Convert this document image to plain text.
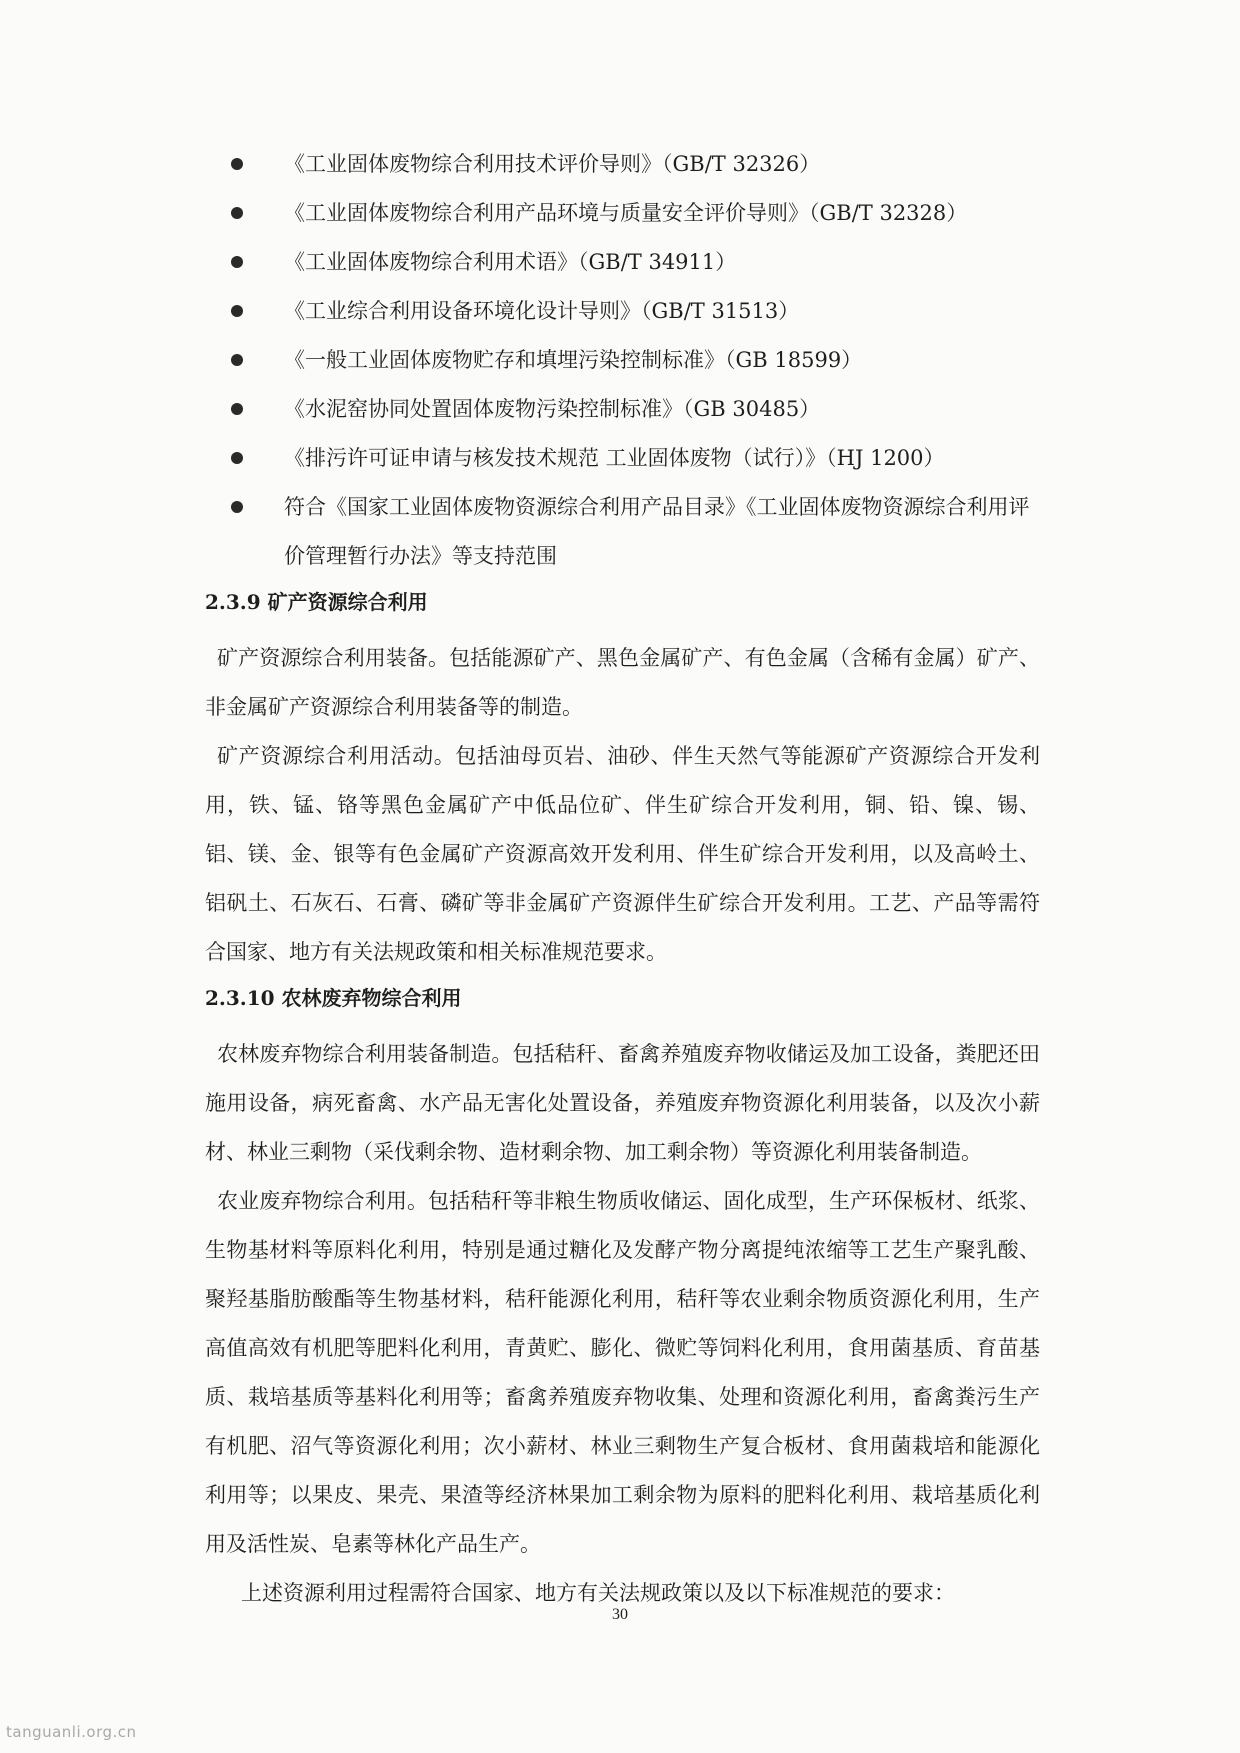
《工业固体废物综合利用技术评价导则》（GB/T 32326）
《工业固体废物综合利用产品环境与质量安全评价导则》（GB/T 32328）
《工业固体废物综合利用术语》（GB/T 34911）
《工业综合利用设备环境化设计导则》（GB/T 31513）
《一般工业固体废物贮存和填埋污染控制标准》（GB 18599）
《水泥窑协同处置固体废物污染控制标准》（GB 30485）
《排污许可证申请与核发技术规范 工业固体废物（试行）》（HJ 1200）
符合《国家工业固体废物资源综合利用产品目录》《工业固体废物资源综合利用评价管理暂行办法》等支持范围
2.3.9 矿产资源综合利用

矿产资源综合利用装备。包括能源矿产、黑色金属矿产、有色金属（含稀有金属）矿产、非金属矿产资源综合利用装备等的制造。

矿产资源综合利用活动。包括油母页岩、油砂、伴生天然气等能源矿产资源综合开发利用，铁、锰、铬等黑色金属矿产中低品位矿、伴生矿综合开发利用，铜、铅、镍、锡、铝、镁、金、银等有色金属矿产资源高效开发利用、伴生矿综合开发利用，以及高岭土、铝矾土、石灰石、石膏、磷矿等非金属矿产资源伴生矿综合开发利用。工艺、产品等需符合国家、地方有关法规政策和相关标准规范要求。

2.3.10 农林废弃物综合利用

农林废弃物综合利用装备制造。包括秸秆、畜禽养殖废弃物收储运及加工设备，粪肥还田施用设备，病死畜禽、水产品无害化处置设备，养殖废弃物资源化利用装备，以及次小薪材、林业三剩物（采伐剩余物、造材剩余物、加工剩余物）等资源化利用装备制造。

农业废弃物综合利用。包括秸秆等非粮生物质收储运、固化成型，生产环保板材、纸浆、生物基材料等原料化利用，特别是通过糖化及发酵产物分离提纯浓缩等工艺生产聚乳酸、聚羟基脂肪酸酯等生物基材料，秸秆能源化利用，秸秆等农业剩余物质资源化利用，生产高值高效有机肥等肥料化利用，青黄贮、膨化、微贮等饲料化利用，食用菌基质、育苗基质、栽培基质等基料化利用等；畜禽养殖废弃物收集、处理和资源化利用，畜禽粪污生产有机肥、沼气等资源化利用；次小薪材、林业三剩物生产复合板材、食用菌栽培和能源化利用等；以果皮、果壳、果渣等经济林果加工剩余物为原料的肥料化利用、栽培基质化利用及活性炭、皂素等林化产品生产。

上述资源利用过程需符合国家、地方有关法规政策以及以下标准规范的要求：

30
tanguanli.org.cn
